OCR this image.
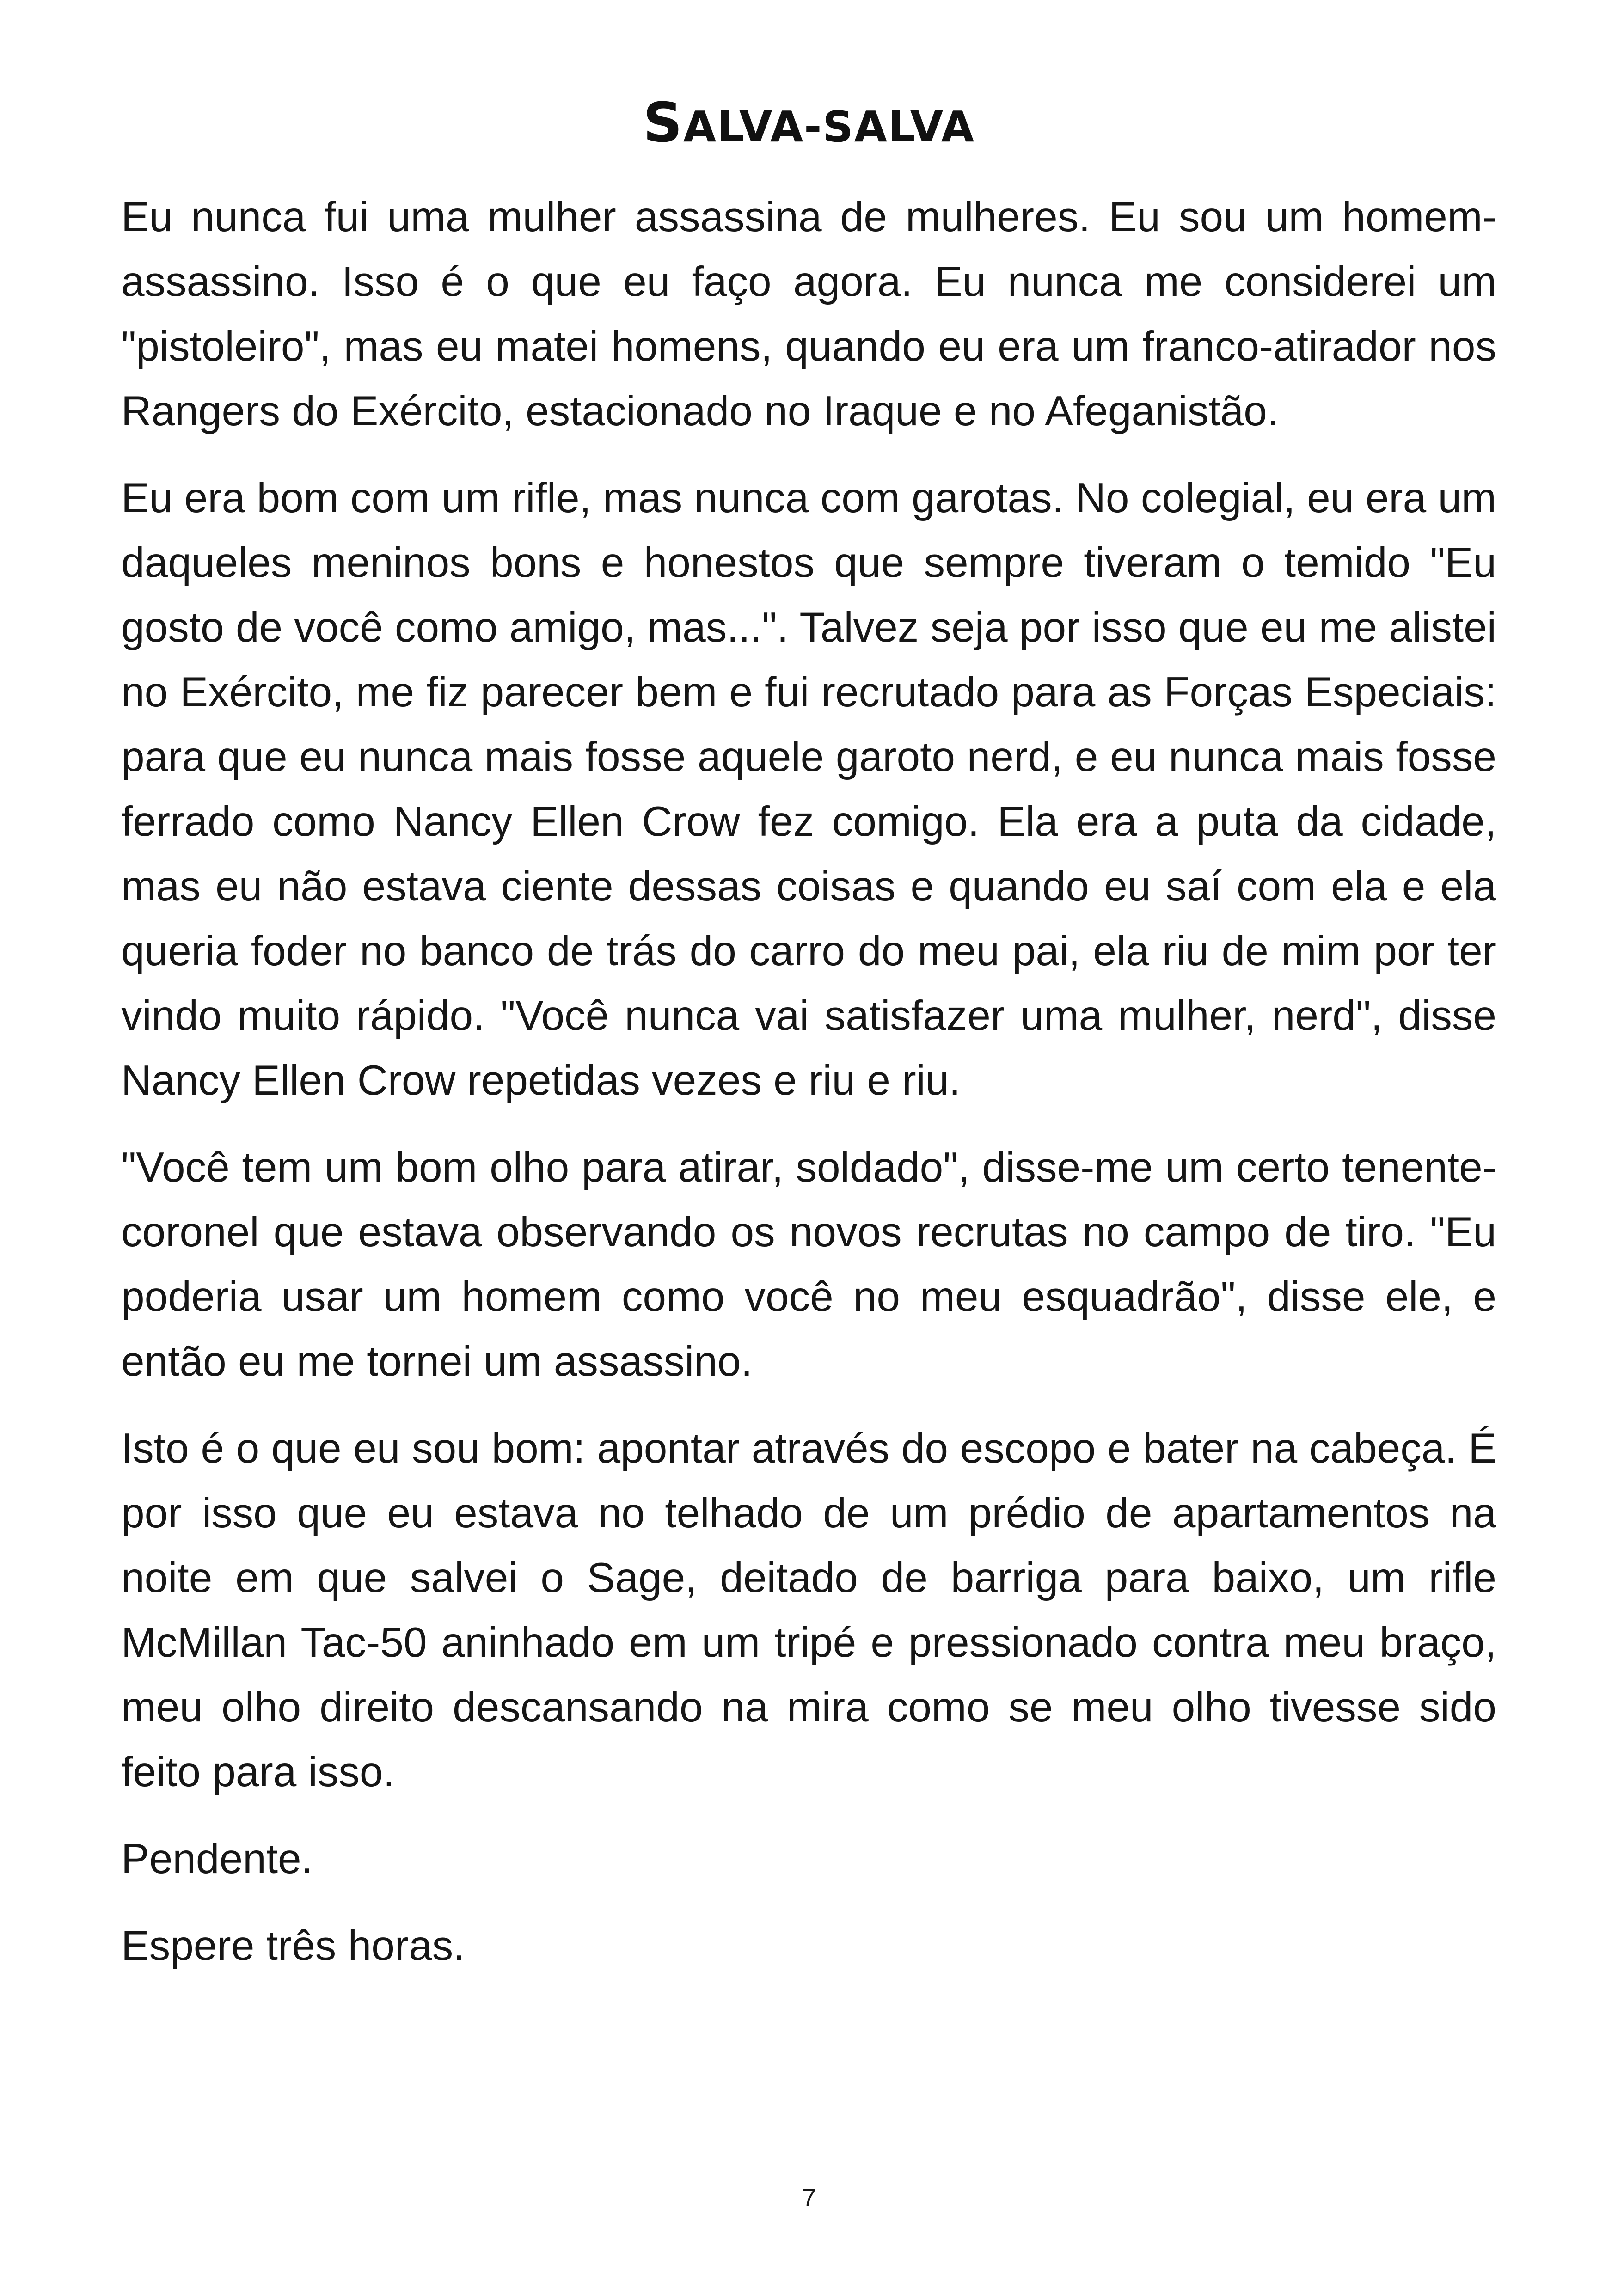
SALVA-SALVA

Eu nunca fui uma mulher assassina de mulheres. Eu sou um homem-assassino. Isso é o que eu faço agora. Eu nunca me considerei um "pistoleiro", mas eu matei homens, quando eu era um franco-atirador nos Rangers do Exército, estacionado no Iraque e no Afeganistão.

Eu era bom com um rifle, mas nunca com garotas. No colegial, eu era um daqueles meninos bons e honestos que sempre tiveram o temido "Eu gosto de você como amigo, mas...". Talvez seja por isso que eu me alistei no Exército, me fiz parecer bem e fui recrutado para as Forças Especiais: para que eu nunca mais fosse aquele garoto nerd, e eu nunca mais fosse ferrado como Nancy Ellen Crow fez comigo. Ela era a puta da cidade, mas eu não estava ciente dessas coisas e quando eu saí com ela e ela queria foder no banco de trás do carro do meu pai, ela riu de mim por ter vindo muito rápido. "Você nunca vai satisfazer uma mulher, nerd", disse Nancy Ellen Crow repetidas vezes e riu e riu.

"Você tem um bom olho para atirar, soldado", disse-me um certo tenente-coronel que estava observando os novos recrutas no campo de tiro. "Eu poderia usar um homem como você no meu esquadrão", disse ele, e então eu me tornei um assassino.

Isto é o que eu sou bom: apontar através do escopo e bater na cabeça. É por isso que eu estava no telhado de um prédio de apartamentos na noite em que salvei o Sage, deitado de barriga para baixo, um rifle McMillan Tac-50 aninhado em um tripé e pressionado contra meu braço, meu olho direito descansando na mira como se meu olho tivesse sido feito para isso.

Pendente.

Espere três horas.

7
